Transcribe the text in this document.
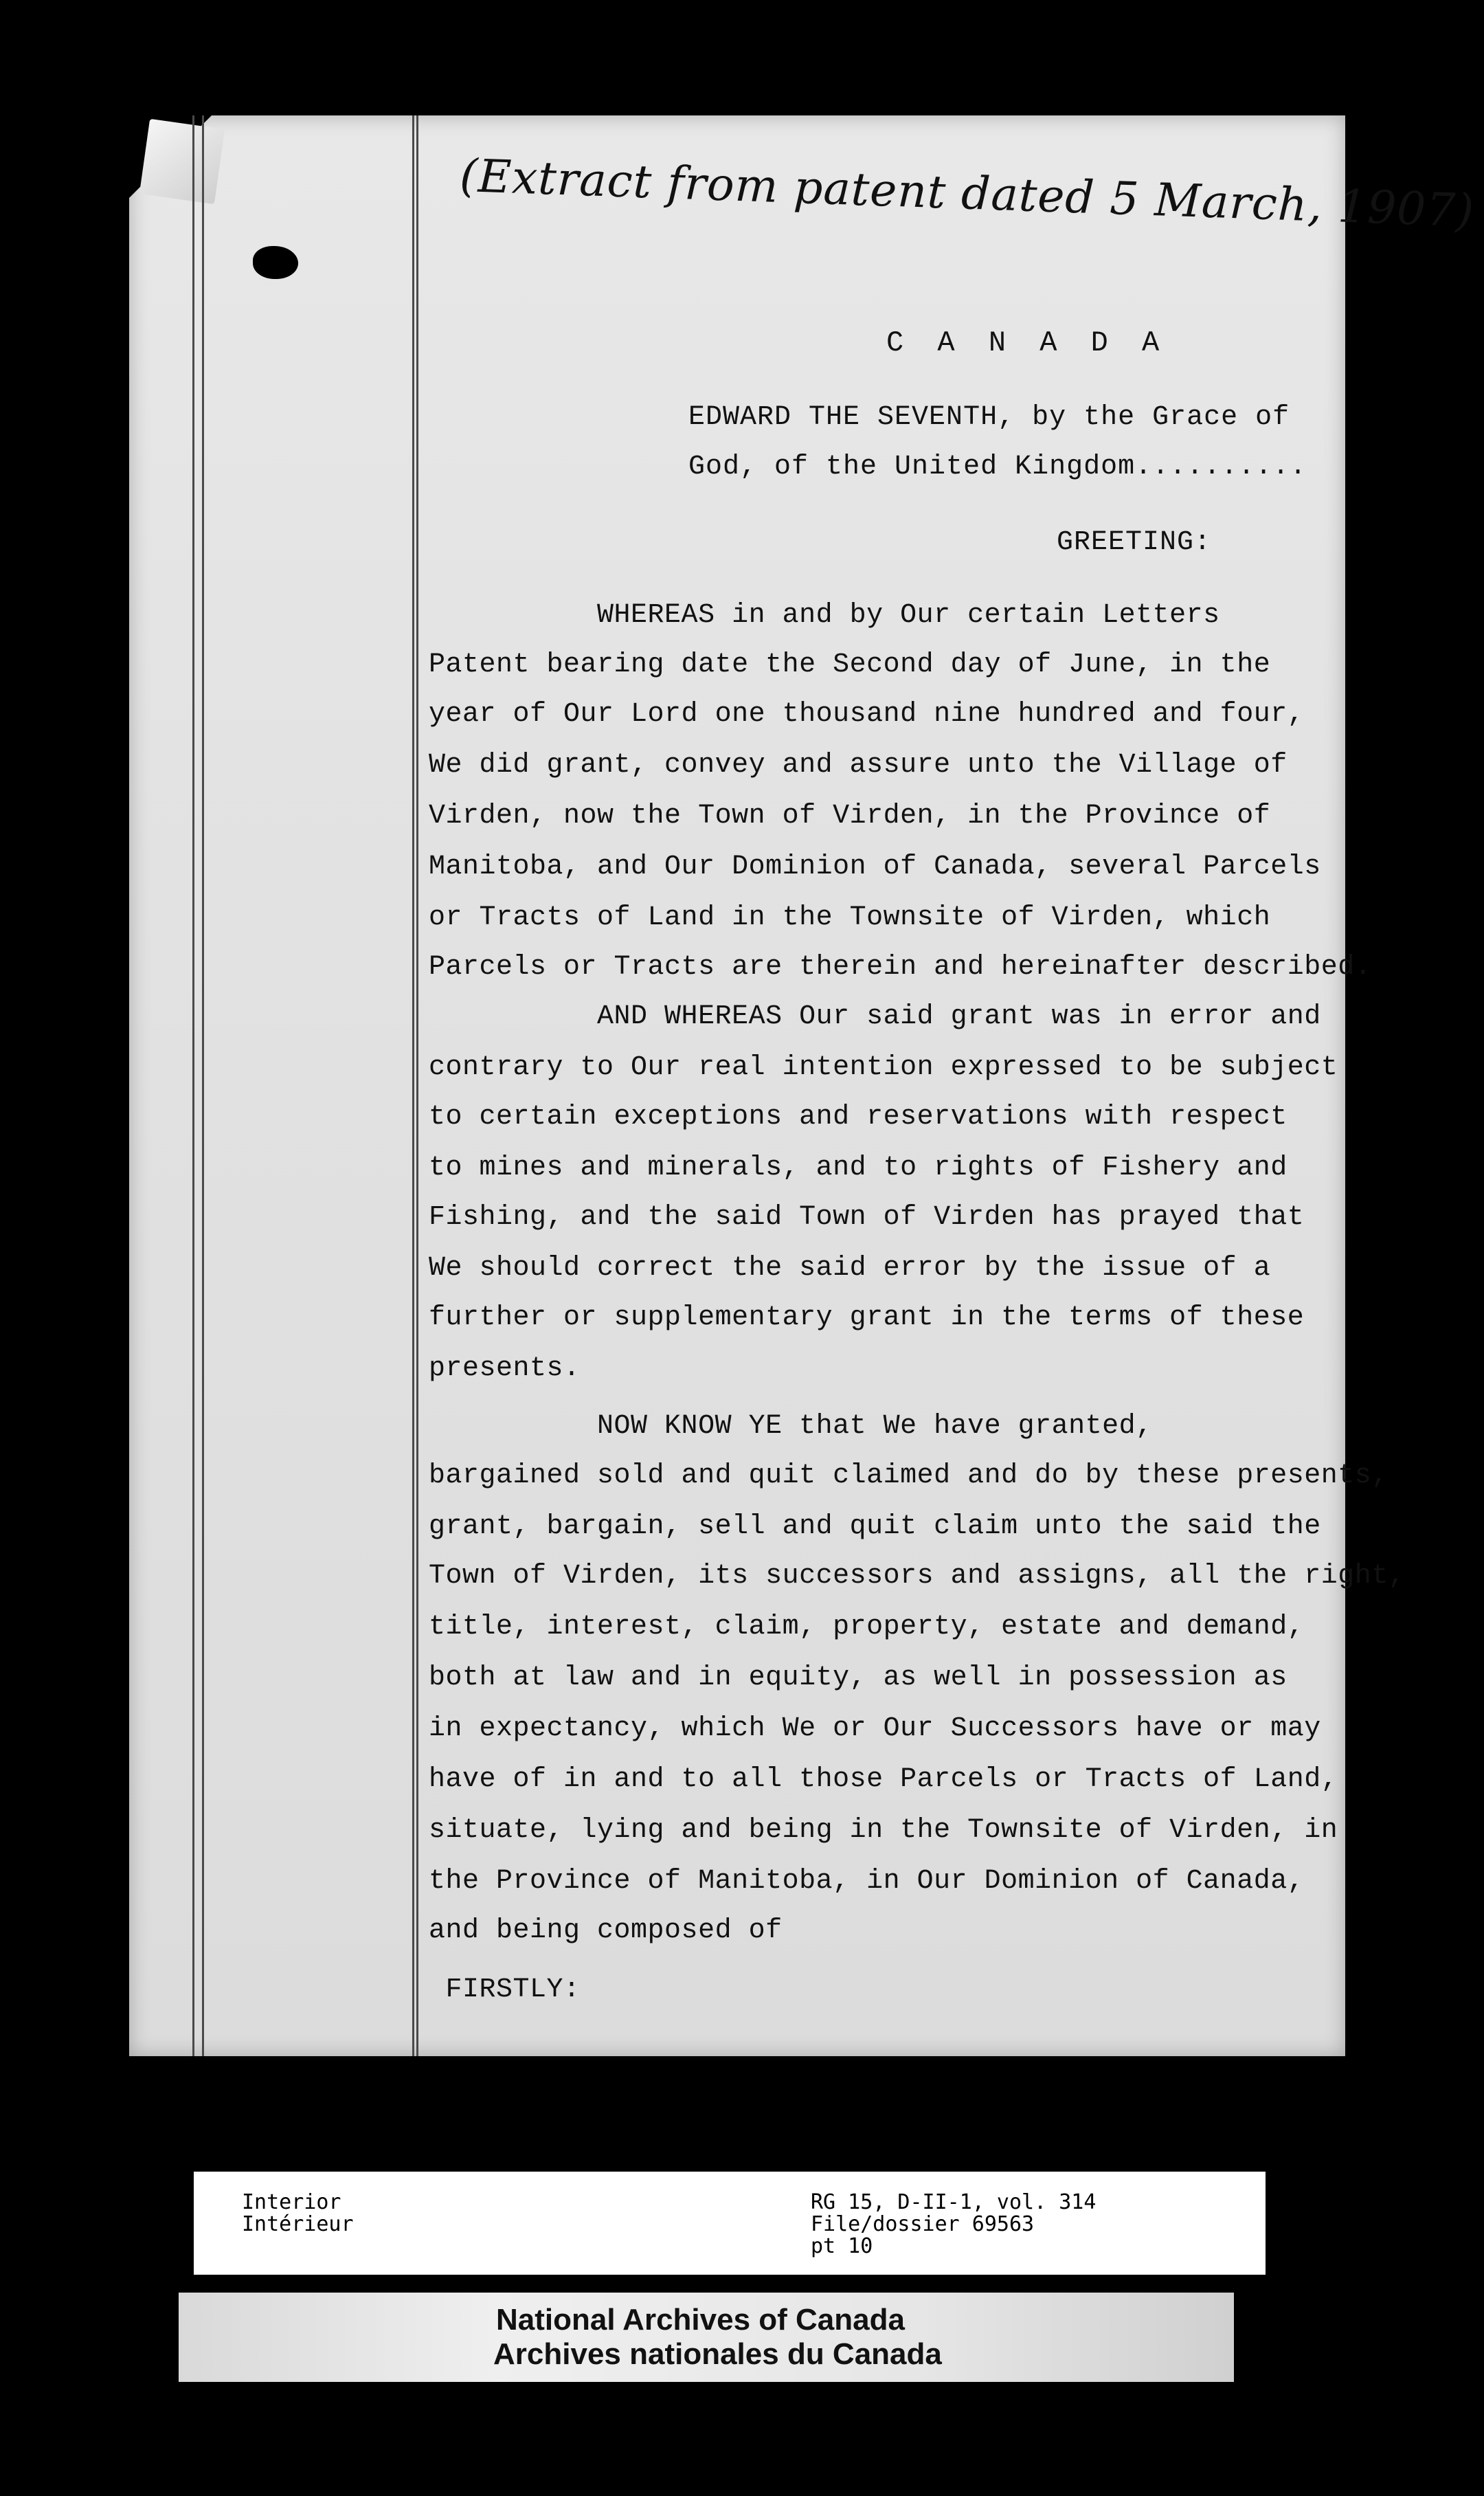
(Extract from patent dated 5 March, 1907)
C A N A D A
EDWARD THE SEVENTH, by the Grace of
God, of the United Kingdom..........
GREETING:
WHEREAS in and by Our certain Letters
Patent bearing date the Second day of June, in the
year of Our Lord one thousand nine hundred and four,
We did grant, convey and assure unto the Village of
Virden, now the Town of Virden, in the Province of
Manitoba, and Our Dominion of Canada, several Parcels
or Tracts of Land in the Townsite of Virden, which
Parcels or Tracts are therein and hereinafter described.
AND WHEREAS Our said grant was in error and
contrary to Our real intention expressed to be subject
to certain exceptions and reservations with respect
to mines and minerals, and to rights of Fishery and
Fishing, and the said Town of Virden has prayed that
We should correct the said error by the issue of a
further or supplementary grant in the terms of these
presents.
NOW KNOW YE that We have granted,
bargained sold and quit claimed and do by these presents,
grant, bargain, sell and quit claim unto the said the
Town of Virden, its successors and assigns, all the right,
title, interest, claim, property, estate and demand,
both at law and in equity, as well in possession as
in expectancy, which We or Our Successors have or may
have of in and to all those Parcels or Tracts of Land,
situate, lying and being in the Townsite of Virden, in
the Province of Manitoba, in Our Dominion of Canada,
and being composed of
FIRSTLY:
Interior
Intérieur
RG 15, D-II-1, vol. 314
File/dossier 69563
pt 10
National Archives of Canada
Archives nationales du Canada
